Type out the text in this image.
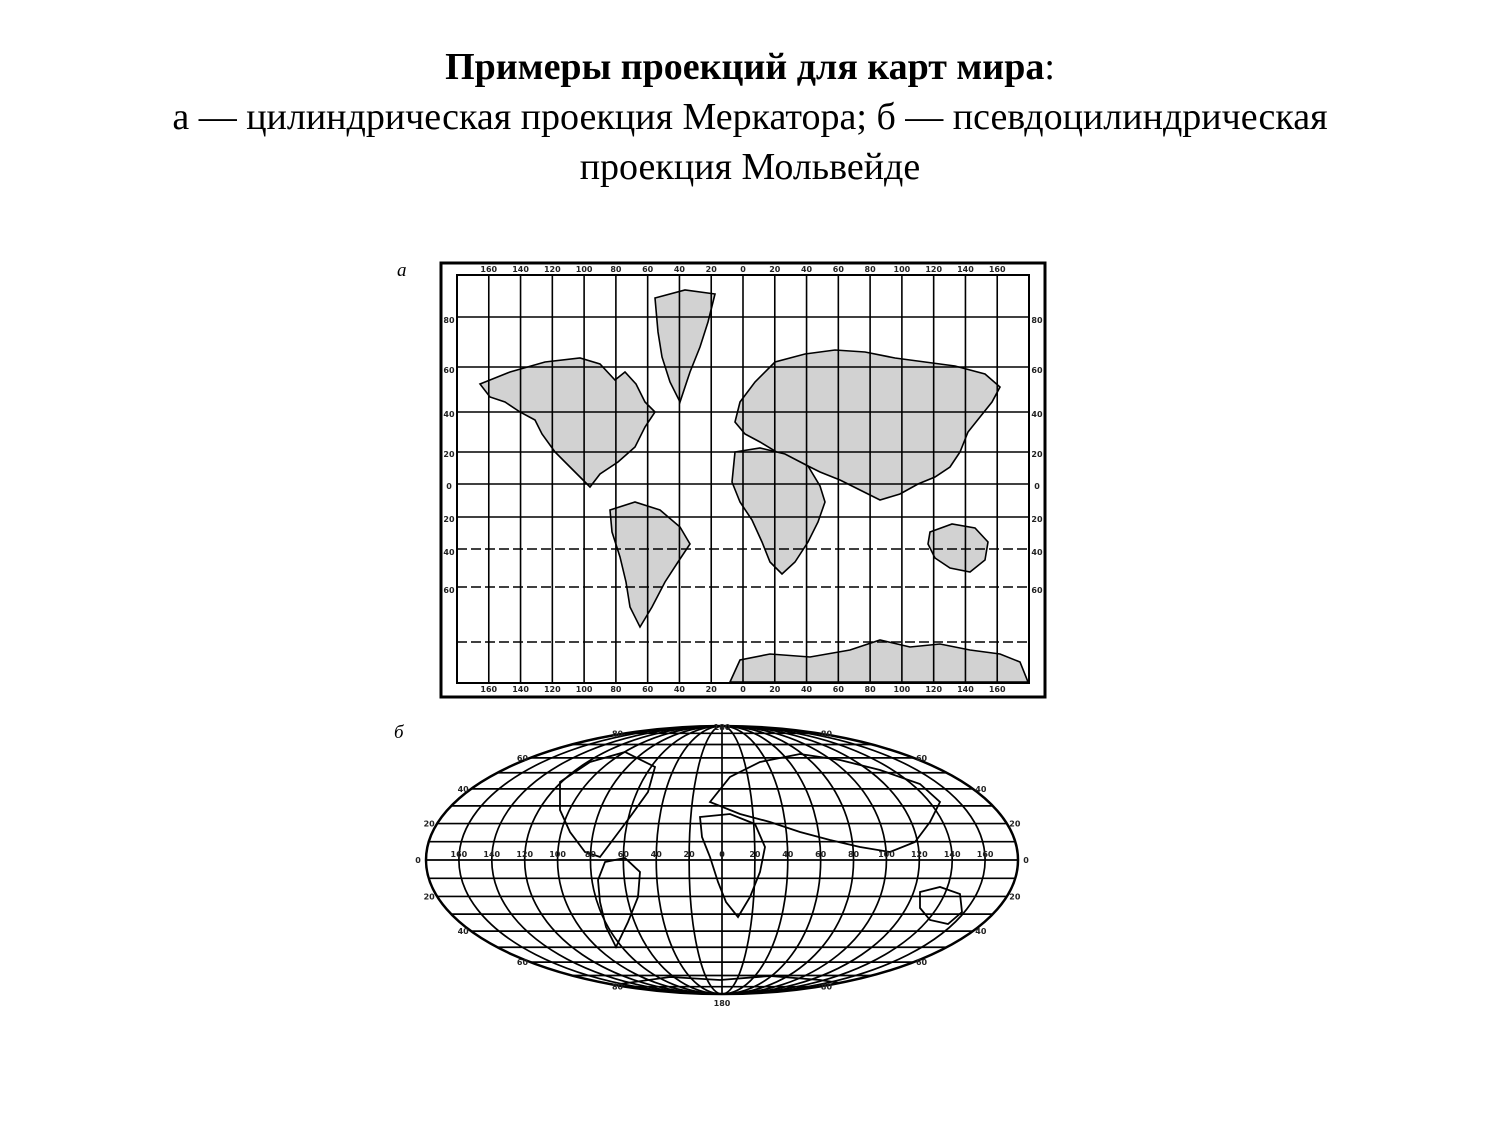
Примеры проекций для карт мира:
а — цилиндрическая проекция Меркатора; б — псевдоцилиндрическая
проекция Мольвейде
а
б
160 140 120 100 80	60	40	20	0	20	40	60	80 100 120 140 160
160 140 120 100 80	60	40	20	0	20	40	60	80 100 120 140 160
80
60
40
20
0
20
40
60
80
60
40
20
0
20
40
60
180
180
160 140 120 100 80	60	40	20	0	20	40	60	80 100 120 140 160
80
60
40
20
0
20
40
60
80
80
60
40
20
0
20
40
60
80
